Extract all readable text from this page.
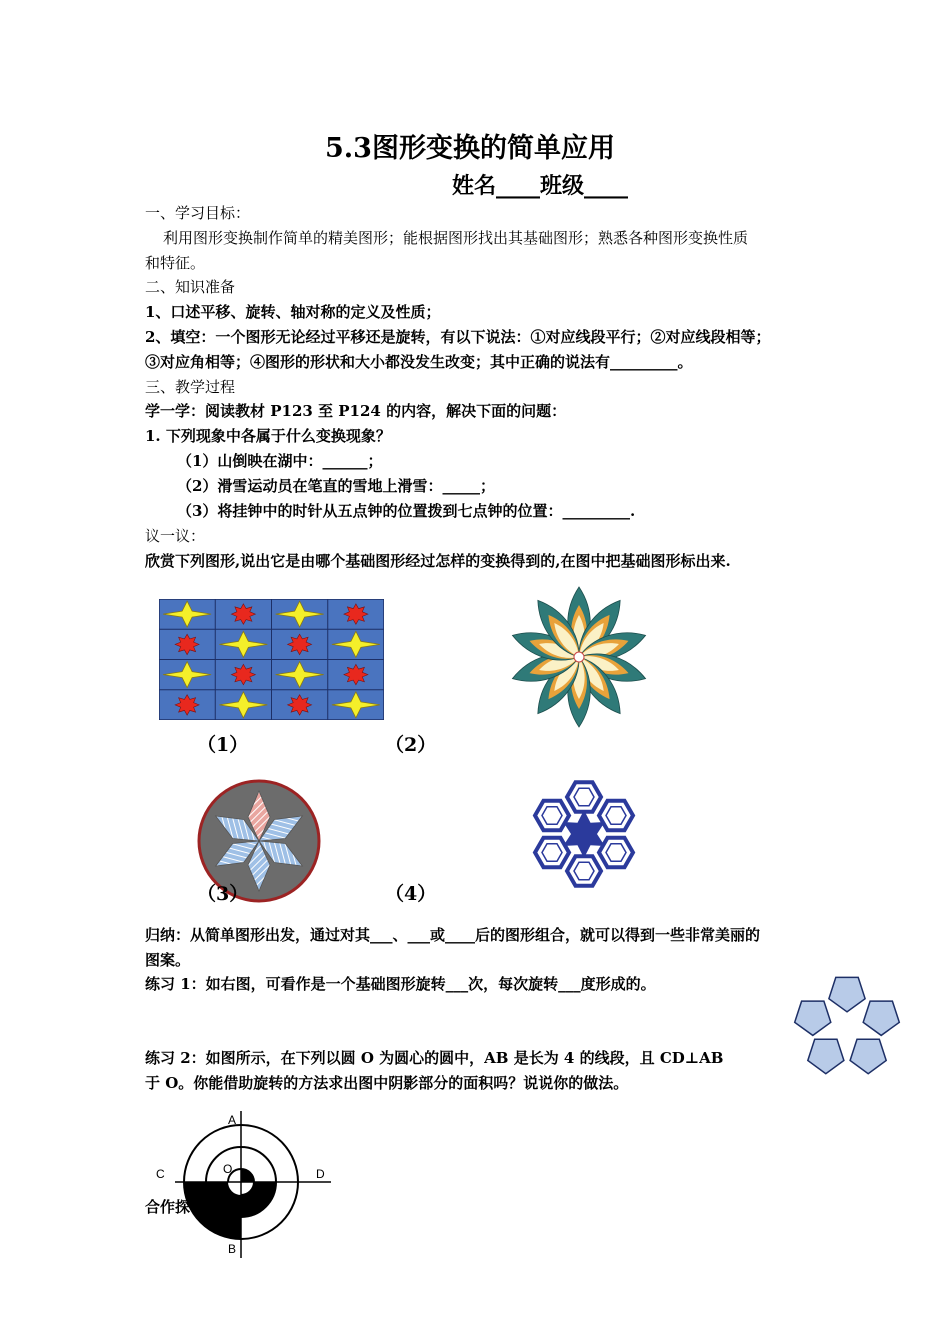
5.3图形变换的简单应用
姓名____班级____
一、学习目标：
利用图形变换制作简单的精美图形；能根据图形找出其基础图形；熟悉各种图形变换性质
和特征。
二、知识准备
1、口述平移、旋转、轴对称的定义及性质；
2、填空：一个图形无论经过平移还是旋转，有以下说法：①对应线段平行；②对应线段相等；
③对应角相等；④图形的形状和大小都没发生改变；其中正确的说法有_________。
三、教学过程
学一学：阅读教材 P123 至 P124 的内容，解决下面的问题：
1. 下列现象中各属于什么变换现象？
（1）山倒映在湖中：______；
（2）滑雪运动员在笔直的雪地上滑雪：_____；
（3）将挂钟中的时针从五点钟的位置拨到七点钟的位置：_________.
议一议：
欣赏下列图形,说出它是由哪个基础图形经过怎样的变换得到的,在图中把基础图形标出来.
（1）	（2）
（3）	（4）
归纳：从简单图形出发，通过对其___、___或____后的图形组合，就可以得到一些非常美丽的
图案。
练习 1：如右图，可看作是一个基础图形旋转___次，每次旋转___度形成的。
练习 2：如图所示，在下列以圆 O 为圆心的圆中，AB 是长为 4 的线段，且 CD⊥AB
于 O。你能借助旋转的方法求出图中阴影部分的面积吗？说说你的做法。
合作探
A
B
C	D
O
